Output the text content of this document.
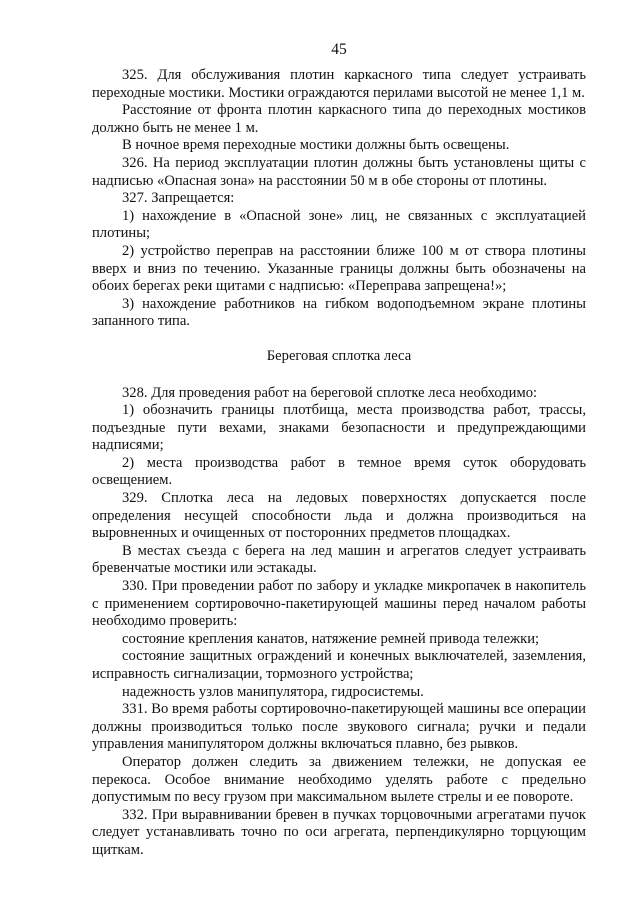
45

325. Для обслуживания плотин каркасного типа следует устраивать переходные мостики. Мостики ограждаются перилами высотой не менее 1,1 м.

Расстояние от фронта плотин каркасного типа до переходных мостиков должно быть не менее 1 м.

В ночное время переходные мостики должны быть освещены.

326. На период эксплуатации плотин должны быть установлены щиты с надписью «Опасная зона» на расстоянии 50 м в обе стороны от плотины.

327. Запрещается:

1) нахождение в «Опасной зоне» лиц, не связанных с эксплуатацией плотины;

2) устройство переправ на расстоянии ближе 100 м от створа плотины вверх и вниз по течению. Указанные границы должны быть обозначены на обоих берегах реки щитами с надписью: «Переправа запрещена!»;

3) нахождение работников на гибком водоподъемном экране плотины запанного типа.

Береговая сплотка леса

328. Для проведения работ на береговой сплотке леса необходимо:

1) обозначить границы плотбища, места производства работ, трассы, подъездные пути вехами, знаками безопасности и предупреждающими надписями;

2) места производства работ в темное время суток оборудовать освещением.

329. Сплотка леса на ледовых поверхностях допускается после определения несущей способности льда и должна производиться на выровненных и очищенных от посторонних предметов площадках.

В местах съезда с берега на лед машин и агрегатов следует устраивать бревенчатые мостики или эстакады.

330. При проведении работ по забору и укладке микропачек в накопитель с применением сортировочно-пакетирующей машины перед началом работы необходимо проверить:

состояние крепления канатов, натяжение ремней привода тележки;

состояние защитных ограждений и конечных выключателей, заземления, исправность сигнализации, тормозного устройства;

надежность узлов манипулятора, гидросистемы.

331. Во время работы сортировочно-пакетирующей машины все операции должны производиться только после звукового сигнала; ручки и педали управления манипулятором должны включаться плавно, без рывков.

Оператор должен следить за движением тележки, не допуская ее перекоса. Особое внимание необходимо уделять работе с предельно допустимым по весу грузом при максимальном вылете стрелы и ее повороте.

332. При выравнивании бревен в пучках торцовочными агрегатами пучок следует устанавливать точно по оси агрегата, перпендикулярно торцующим щиткам.
